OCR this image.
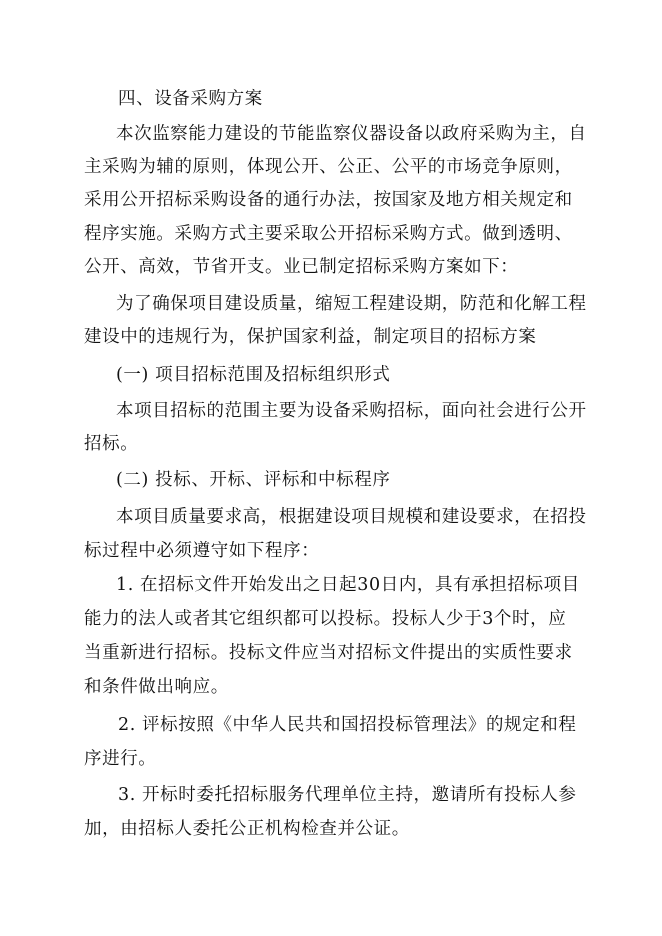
四、设备采购方案
本次监察能力建设的节能监察仪器设备以政府采购为主，自
主采购为辅的原则，体现公开、公正、公平的市场竞争原则，
采用公开招标采购设备的通行办法，按国家及地方相关规定和
程序实施。采购方式主要采取公开招标采购方式。做到透明、
公开、高效，节省开支。业已制定招标采购方案如下：
为了确保项目建设质量，缩短工程建设期，防范和化解工程
建设中的违规行为，保护国家利益，制定项目的招标方案
(一) 项目招标范围及招标组织形式
本项目招标的范围主要为设备采购招标，面向社会进行公开
招标。
(二) 投标、开标、评标和中标程序
本项目质量要求高，根据建设项目规模和建设要求，在招投
标过程中必须遵守如下程序：
1. 在招标文件开始发出之日起30日内，具有承担招标项目
能力的法人或者其它组织都可以投标。投标人少于3个时，应
当重新进行招标。投标文件应当对招标文件提出的实质性要求
和条件做出响应。
2. 评标按照《中华人民共和国招投标管理法》的规定和程
序进行。
3. 开标时委托招标服务代理单位主持，邀请所有投标人参
加，由招标人委托公正机构检查并公证。
